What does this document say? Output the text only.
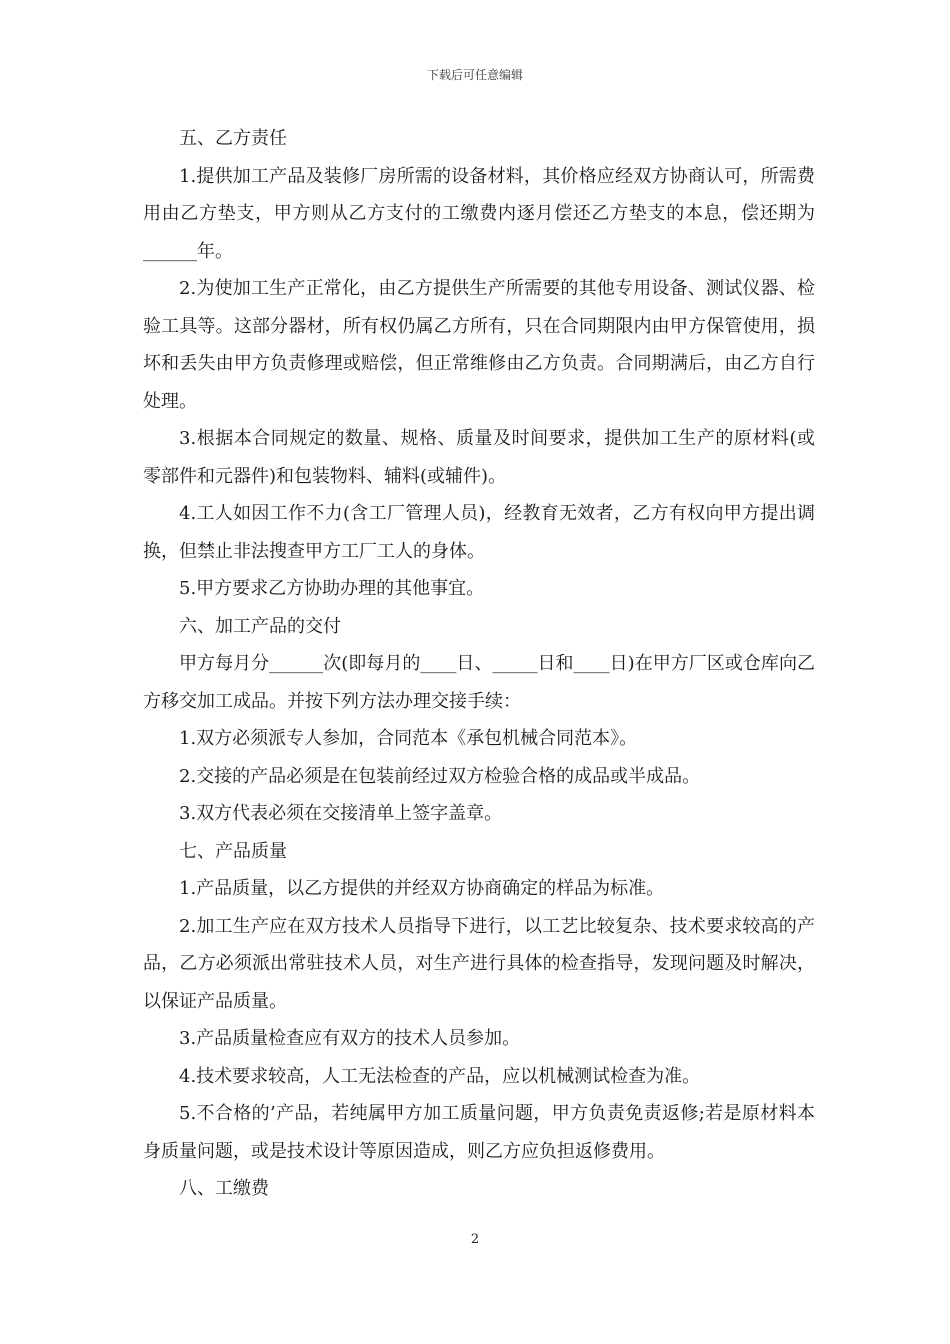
下载后可任意编辑

五、乙方责任

1.提供加工产品及装修厂房所需的设备材料，其价格应经双方协商认可，所需费用由乙方垫支，甲方则从乙方支付的工缴费内逐月偿还乙方垫支的本息，偿还期为______年。

2.为使加工生产正常化，由乙方提供生产所需要的其他专用设备、测试仪器、检验工具等。这部分器材，所有权仍属乙方所有，只在合同期限内由甲方保管使用，损坏和丢失由甲方负责修理或赔偿，但正常维修由乙方负责。合同期满后，由乙方自行处理。

3.根据本合同规定的数量、规格、质量及时间要求，提供加工生产的原材料(或零部件和元器件)和包装物料、辅料(或辅件)。

4.工人如因工作不力(含工厂管理人员)，经教育无效者，乙方有权向甲方提出调换，但禁止非法搜查甲方工厂工人的身体。

5.甲方要求乙方协助办理的其他事宜。

六、加工产品的交付

甲方每月分______次(即每月的____日、_____日和____日)在甲方厂区或仓库向乙方移交加工成品。并按下列方法办理交接手续：

1.双方必须派专人参加，合同范本《承包机械合同范本》。

2.交接的产品必须是在包装前经过双方检验合格的成品或半成品。

3.双方代表必须在交接清单上签字盖章。

七、产品质量

1.产品质量，以乙方提供的并经双方协商确定的样品为标准。

2.加工生产应在双方技术人员指导下进行，以工艺比较复杂、技术要求较高的产品，乙方必须派出常驻技术人员，对生产进行具体的检查指导，发现问题及时解决，以保证产品质量。

3.产品质量检查应有双方的技术人员参加。

4.技术要求较高，人工无法检查的产品，应以机械测试检查为准。

5.不合格的’产品，若纯属甲方加工质量问题，甲方负责免责返修;若是原材料本身质量问题，或是技术设计等原因造成，则乙方应负担返修费用。

八、工缴费

2
